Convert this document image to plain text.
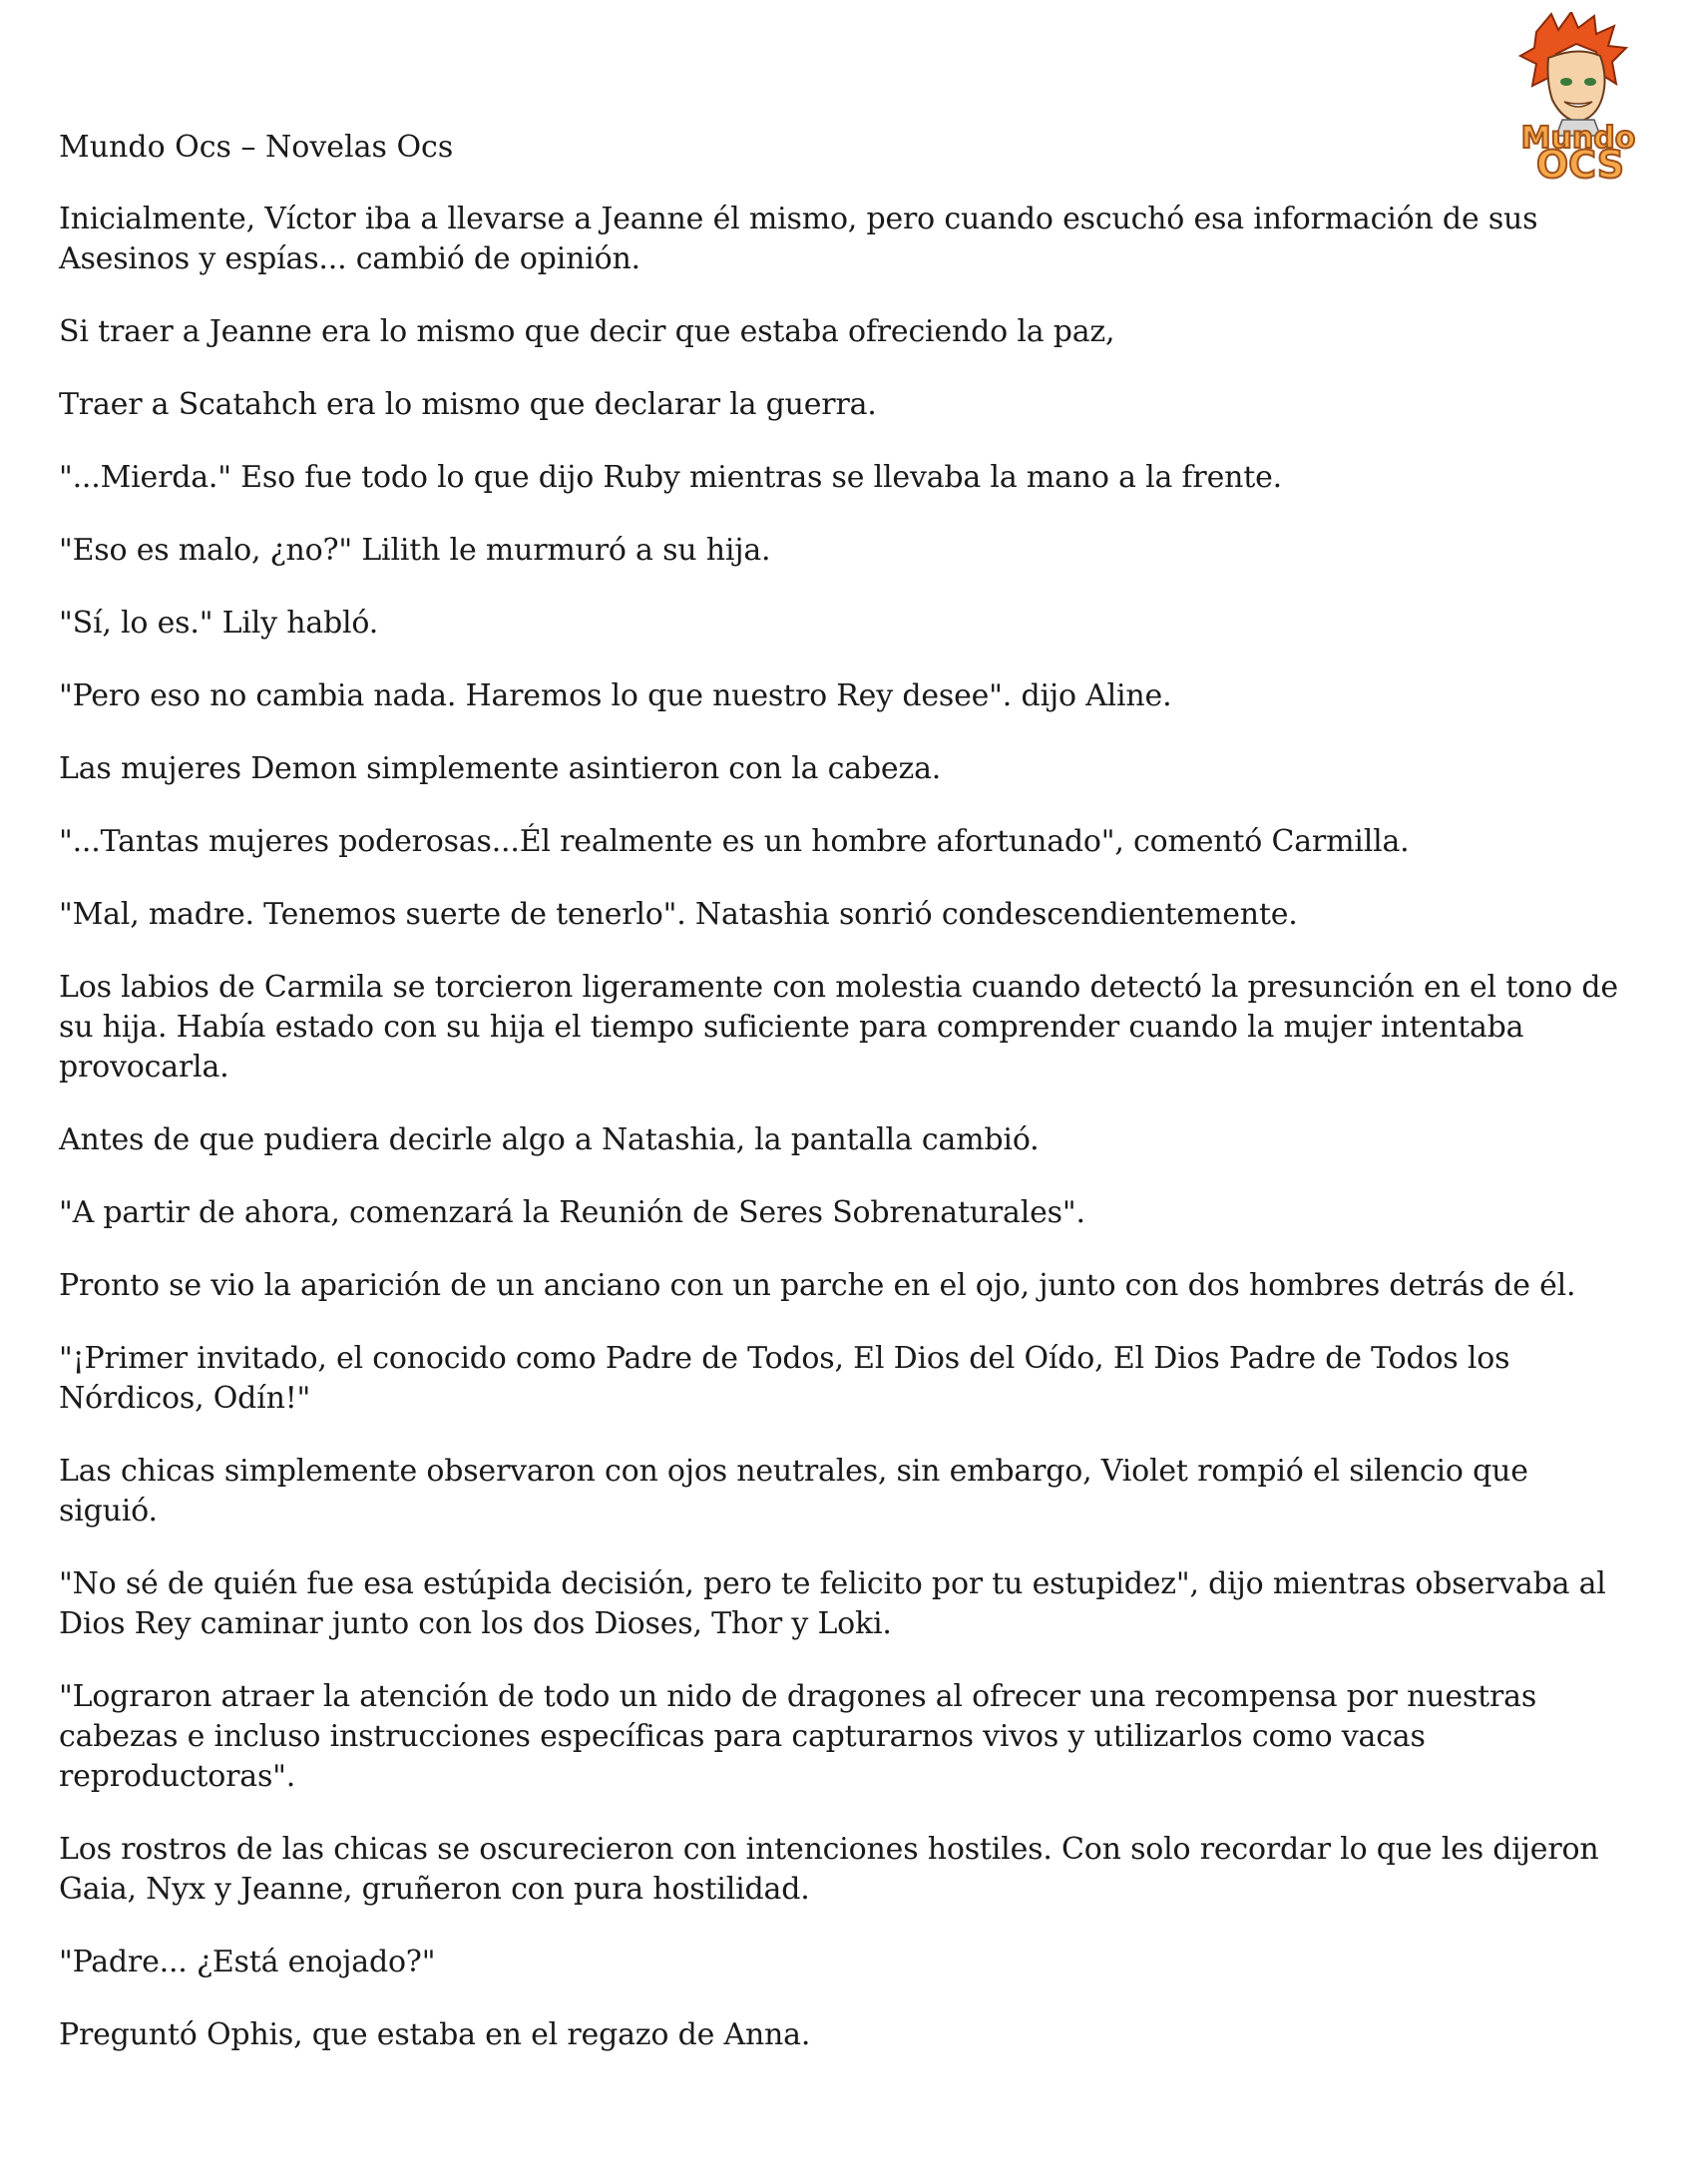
Mundo
OCS
Mundo Ocs – Novelas Ocs

Inicialmente, Víctor iba a llevarse a Jeanne él mismo, pero cuando escuchó esa información de sus Asesinos y espías... cambió de opinión.

Si traer a Jeanne era lo mismo que decir que estaba ofreciendo la paz,

Traer a Scatahch era lo mismo que declarar la guerra.

"...Mierda." Eso fue todo lo que dijo Ruby mientras se llevaba la mano a la frente.

"Eso es malo, ¿no?" Lilith le murmuró a su hija.

"Sí, lo es." Lily habló.

"Pero eso no cambia nada. Haremos lo que nuestro Rey desee". dijo Aline.

Las mujeres Demon simplemente asintieron con la cabeza.

"...Tantas mujeres poderosas...Él realmente es un hombre afortunado", comentó Carmilla.

"Mal, madre. Tenemos suerte de tenerlo". Natashia sonrió condescendientemente.

Los labios de Carmila se torcieron ligeramente con molestia cuando detectó la presunción en el tono de su hija. Había estado con su hija el tiempo suficiente para comprender cuando la mujer intentaba provocarla.

Antes de que pudiera decirle algo a Natashia, la pantalla cambió.

"A partir de ahora, comenzará la Reunión de Seres Sobrenaturales".

Pronto se vio la aparición de un anciano con un parche en el ojo, junto con dos hombres detrás de él.

"¡Primer invitado, el conocido como Padre de Todos, El Dios del Oído, El Dios Padre de Todos los Nórdicos, Odín!"

Las chicas simplemente observaron con ojos neutrales, sin embargo, Violet rompió el silencio que siguió.

"No sé de quién fue esa estúpida decisión, pero te felicito por tu estupidez", dijo mientras observaba al Dios Rey caminar junto con los dos Dioses, Thor y Loki.

"Lograron atraer la atención de todo un nido de dragones al ofrecer una recompensa por nuestras cabezas e incluso instrucciones específicas para capturarnos vivos y utilizarlos como vacas reproductoras".

Los rostros de las chicas se oscurecieron con intenciones hostiles. Con solo recordar lo que les dijeron Gaia, Nyx y Jeanne, gruñeron con pura hostilidad.

"Padre... ¿Está enojado?"

Preguntó Ophis, que estaba en el regazo de Anna.
